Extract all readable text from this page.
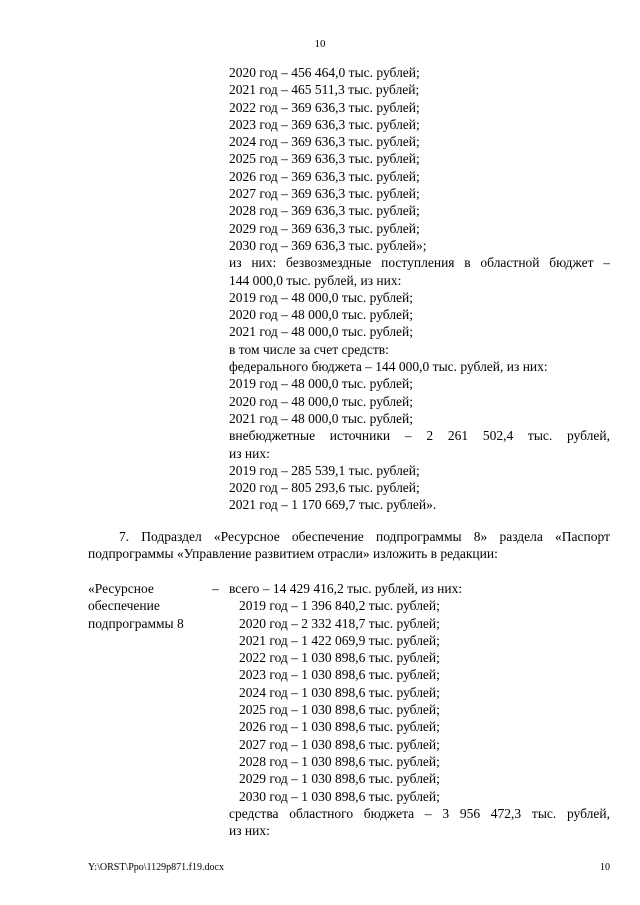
10
2020 год – 456 464,0 тыс. рублей;
2021 год – 465 511,3 тыс. рублей;
2022 год – 369 636,3 тыс. рублей;
2023 год – 369 636,3 тыс. рублей;
2024 год – 369 636,3 тыс. рублей;
2025 год – 369 636,3 тыс. рублей;
2026 год – 369 636,3 тыс. рублей;
2027 год – 369 636,3 тыс. рублей;
2028 год – 369 636,3 тыс. рублей;
2029 год – 369 636,3 тыс. рублей;
2030 год – 369 636,3 тыс. рублей»;
из них: безвозмездные поступления в областной бюджет –
144 000,0 тыс. рублей, из них:
2019 год – 48 000,0 тыс. рублей;
2020 год – 48 000,0 тыс. рублей;
2021 год – 48 000,0 тыс. рублей;
в том числе за счет средств:
федерального бюджета – 144 000,0 тыс. рублей, из них:
2019 год – 48 000,0 тыс. рублей;
2020 год – 48 000,0 тыс. рублей;
2021 год – 48 000,0 тыс. рублей;
внебюджетные источники – 2 261 502,4 тыс. рублей,
из них:
2019 год – 285 539,1 тыс. рублей;
2020 год – 805 293,6 тыс. рублей;
2021 год – 1 170 669,7 тыс. рублей».
7. Подраздел «Ресурсное обеспечение подпрограммы 8» раздела «Паспорт подпрограммы «Управление развитием отрасли» изложить в редакции:
«Ресурсное
обеспечение
подпрограммы 8
– всего – 14 429 416,2 тыс. рублей, из них:
2019 год – 1 396 840,2 тыс. рублей;
2020 год – 2 332 418,7 тыс. рублей;
2021 год – 1 422 069,9 тыс. рублей;
2022 год – 1 030 898,6 тыс. рублей;
2023 год – 1 030 898,6 тыс. рублей;
2024 год – 1 030 898,6 тыс. рублей;
2025 год – 1 030 898,6 тыс. рублей;
2026 год – 1 030 898,6 тыс. рублей;
2027 год – 1 030 898,6 тыс. рублей;
2028 год – 1 030 898,6 тыс. рублей;
2029 год – 1 030 898,6 тыс. рублей;
2030 год – 1 030 898,6 тыс. рублей;
средства областного бюджета – 3 956 472,3 тыс. рублей,
из них:
Y:\ORST\Ppo\1129p871.f19.docx	10
